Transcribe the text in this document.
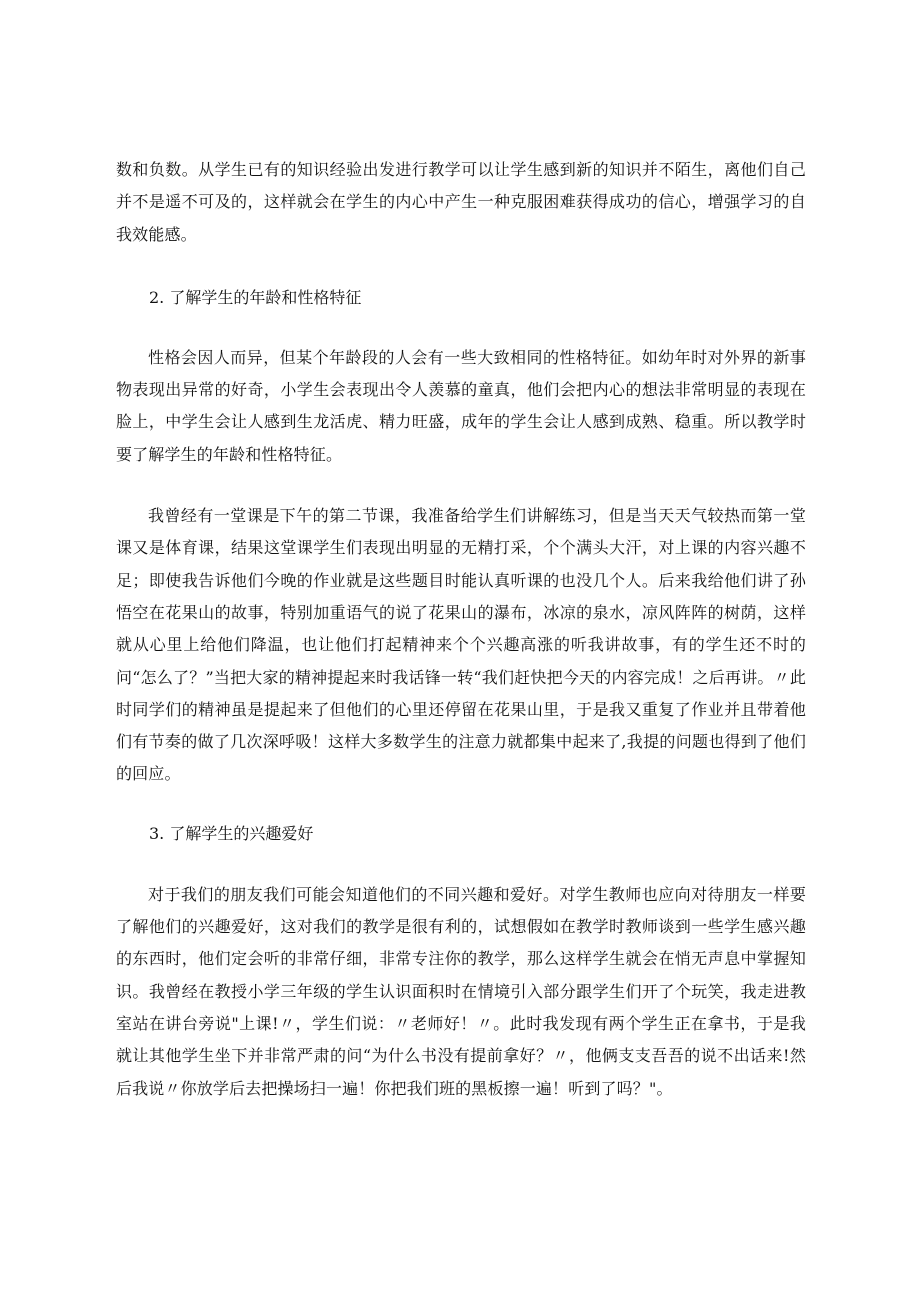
数和负数。从学生已有的知识经验出发进行教学可以让学生感到新的知识并不陌生，离他们自己并不是遥不可及的，这样就会在学生的内心中产生一种克服困难获得成功的信心，增强学习的自我效能感。

2. 了解学生的年龄和性格特征

性格会因人而异，但某个年龄段的人会有一些大致相同的性格特征。如幼年时对外界的新事物表现出异常的好奇，小学生会表现出令人羡慕的童真，他们会把内心的想法非常明显的表现在脸上，中学生会让人感到生龙活虎、精力旺盛，成年的学生会让人感到成熟、稳重。所以教学时要了解学生的年龄和性格特征。

我曾经有一堂课是下午的第二节课，我准备给学生们讲解练习，但是当天天气较热而第一堂课又是体育课，结果这堂课学生们表现出明显的无精打采，个个满头大汗，对上课的内容兴趣不足；即使我告诉他们今晚的作业就是这些题目时能认真听课的也没几个人。后来我给他们讲了孙悟空在花果山的故事，特别加重语气的说了花果山的瀑布，冰凉的泉水，凉风阵阵的树荫，这样就从心里上给他们降温，也让他们打起精神来个个兴趣高涨的听我讲故事，有的学生还不时的问“怎么了？”当把大家的精神提起来时我话锋一转“我们赶快把今天的内容完成！之后再讲。〃此时同学们的精神虽是提起来了但他们的心里还停留在花果山里，于是我又重复了作业并且带着他们有节奏的做了几次深呼吸！这样大多数学生的注意力就都集中起来了,我提的问题也得到了他们的回应。

3. 了解学生的兴趣爱好

对于我们的朋友我们可能会知道他们的不同兴趣和爱好。对学生教师也应向对待朋友一样要了解他们的兴趣爱好，这对我们的教学是很有利的，试想假如在教学时教师谈到一些学生感兴趣的东西时，他们定会听的非常仔细，非常专注你的教学，那么这样学生就会在悄无声息中掌握知识。我曾经在教授小学三年级的学生认识面积时在情境引入部分跟学生们开了个玩笑，我走进教室站在讲台旁说"上课!〃，学生们说：〃老师好！〃。此时我发现有两个学生正在拿书，于是我就让其他学生坐下并非常严肃的问“为什么书没有提前拿好？〃，他俩支支吾吾的说不出话来!然后我说〃你放学后去把操场扫一遍！你把我们班的黑板擦一遍！听到了吗？"。
